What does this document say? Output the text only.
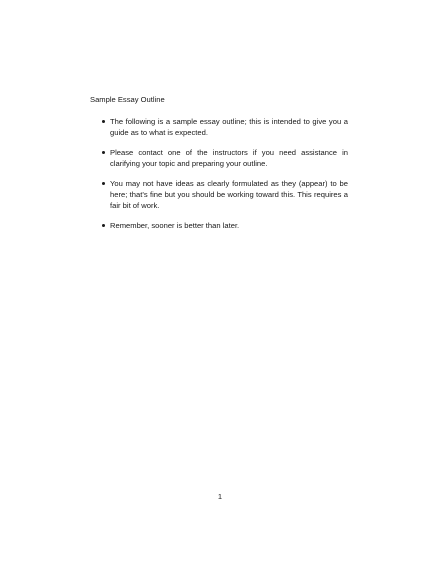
Sample Essay Outline
The following is a sample essay outline; this is intended to give you a guide as to what is expected.
Please contact one of the instructors if you need assistance in clarifying your topic and preparing your outline.
You may not have ideas as clearly formulated as they (appear) to be here; that’s fine but you should be working toward this. This requires a fair bit of work.
Remember, sooner is better than later.
1
